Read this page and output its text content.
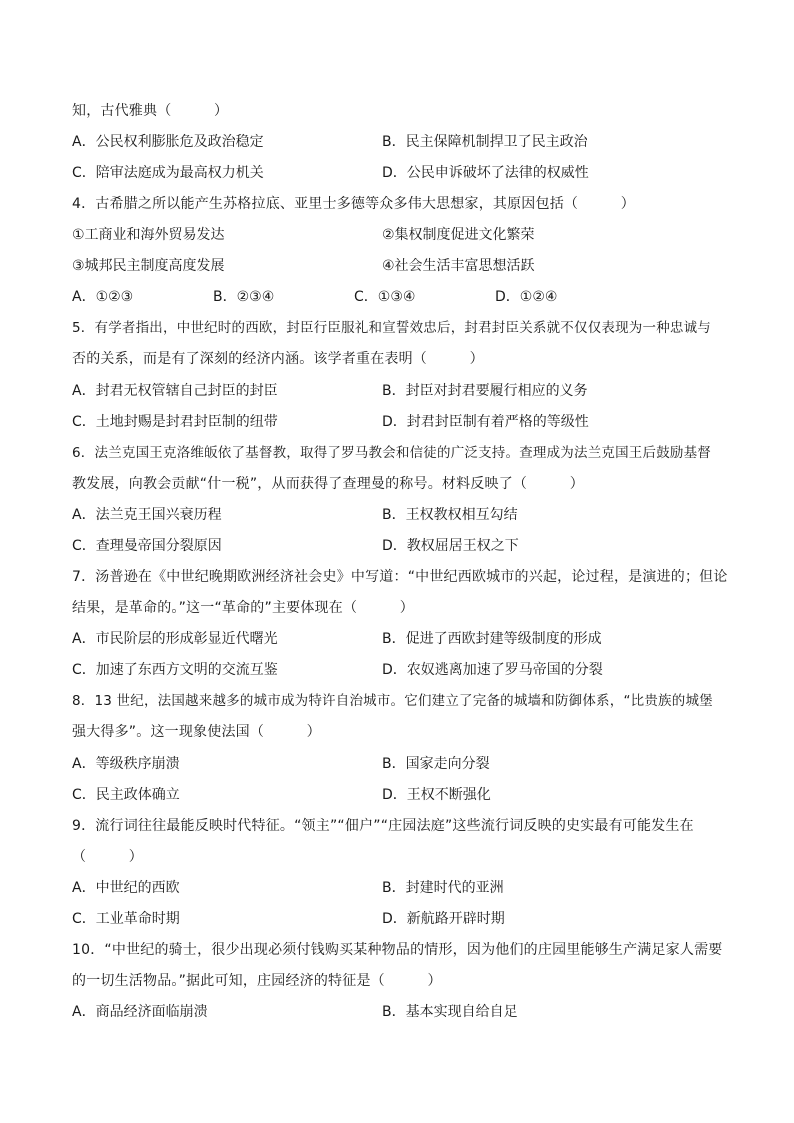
知，古代雅典（　　　）
A．公民权利膨胀危及政治稳定	B．民主保障机制捍卫了民主政治
C．陪审法庭成为最高权力机关	D．公民申诉破坏了法律的权威性
4．古希腊之所以能产生苏格拉底、亚里士多德等众多伟大思想家，其原因包括（　　　）
①工商业和海外贸易发达	②集权制度促进文化繁荣
③城邦民主制度高度发展	④社会生活丰富思想活跃
A．①②③	B．②③④	C．①③④	D．①②④
5．有学者指出，中世纪时的西欧，封臣行臣服礼和宣誓效忠后，封君封臣关系就不仅仅表现为一种忠诚与
否的关系，而是有了深刻的经济内涵。该学者重在表明（　　　）
A．封君无权管辖自己封臣的封臣	B．封臣对封君要履行相应的义务
C．土地封赐是封君封臣制的纽带	D．封君封臣制有着严格的等级性
6．法兰克国王克洛维皈依了基督教，取得了罗马教会和信徒的广泛支持。查理成为法兰克国王后鼓励基督
教发展，向教会贡献“什一税”，从而获得了查理曼的称号。材料反映了（　　　）
A．法兰克王国兴衰历程	B．王权教权相互勾结
C．查理曼帝国分裂原因	D．教权屈居王权之下
7．汤普逊在《中世纪晚期欧洲经济社会史》中写道：“中世纪西欧城市的兴起，论过程，是演进的；但论
结果，是革命的。”这一“革命的”主要体现在（　　　）
A．市民阶层的形成彰显近代曙光	B．促进了西欧封建等级制度的形成
C．加速了东西方文明的交流互鉴	D．农奴逃离加速了罗马帝国的分裂
8．13 世纪，法国越来越多的城市成为特许自治城市。它们建立了完备的城墙和防御体系，“比贵族的城堡
强大得多”。这一现象使法国（　　　）
A．等级秩序崩溃	B．国家走向分裂
C．民主政体确立	D．王权不断强化
9．流行词往往最能反映时代特征。“领主”“佃户”“庄园法庭”这些流行词反映的史实最有可能发生在
（　　　）
A．中世纪的西欧	B．封建时代的亚洲
C．工业革命时期	D．新航路开辟时期
10．“中世纪的骑士，很少出现必须付钱购买某种物品的情形，因为他们的庄园里能够生产满足家人需要
的一切生活物品。”据此可知，庄园经济的特征是（　　　）
A．商品经济面临崩溃	B．基本实现自给自足
